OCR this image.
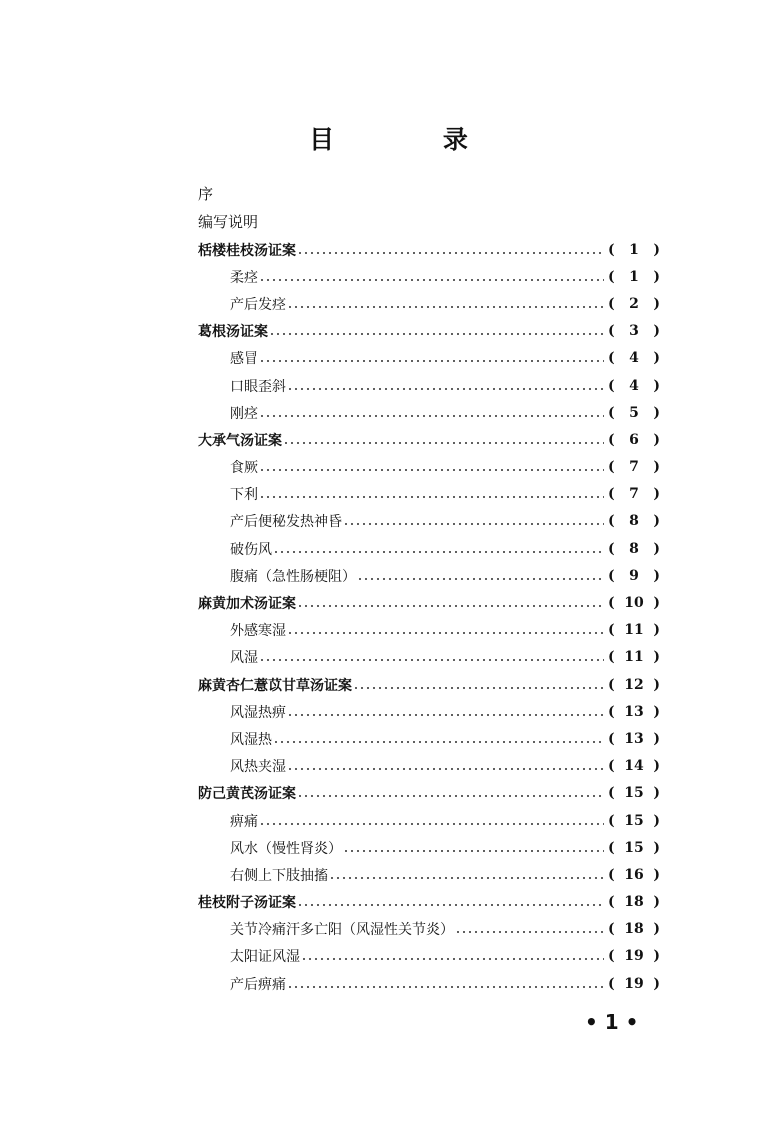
目 录
序
编写说明
栝楼桂枝汤证案	(	1	)
柔痉	(	1	)
产后发痉	(	2	)
葛根汤证案	(	3	)
感冒	(	4	)
口眼歪斜	(	4	)
刚痉	(	5	)
大承气汤证案	(	6	)
食厥	(	7	)
下利	(	7	)
产后便秘发热神昏	(	8	)
破伤风	(	8	)
腹痛（急性肠梗阻）	(	9	)
麻黄加术汤证案	( 10 )
外感寒湿	( 11 )
风湿	( 11 )
麻黄杏仁薏苡甘草汤证案	( 12 )
风湿热痹	( 13 )
风湿热	( 13 )
风热夹湿	( 14 )
防己黄芪汤证案	( 15 )
痹痛	( 15 )
风水（慢性肾炎）	( 15 )
右侧上下肢抽搐	( 16 )
桂枝附子汤证案	( 18 )
关节冷痛汗多亡阳（风湿性关节炎）	( 18 )
太阳证风湿	( 19 )
产后痹痛	( 19 )
• 1 •
